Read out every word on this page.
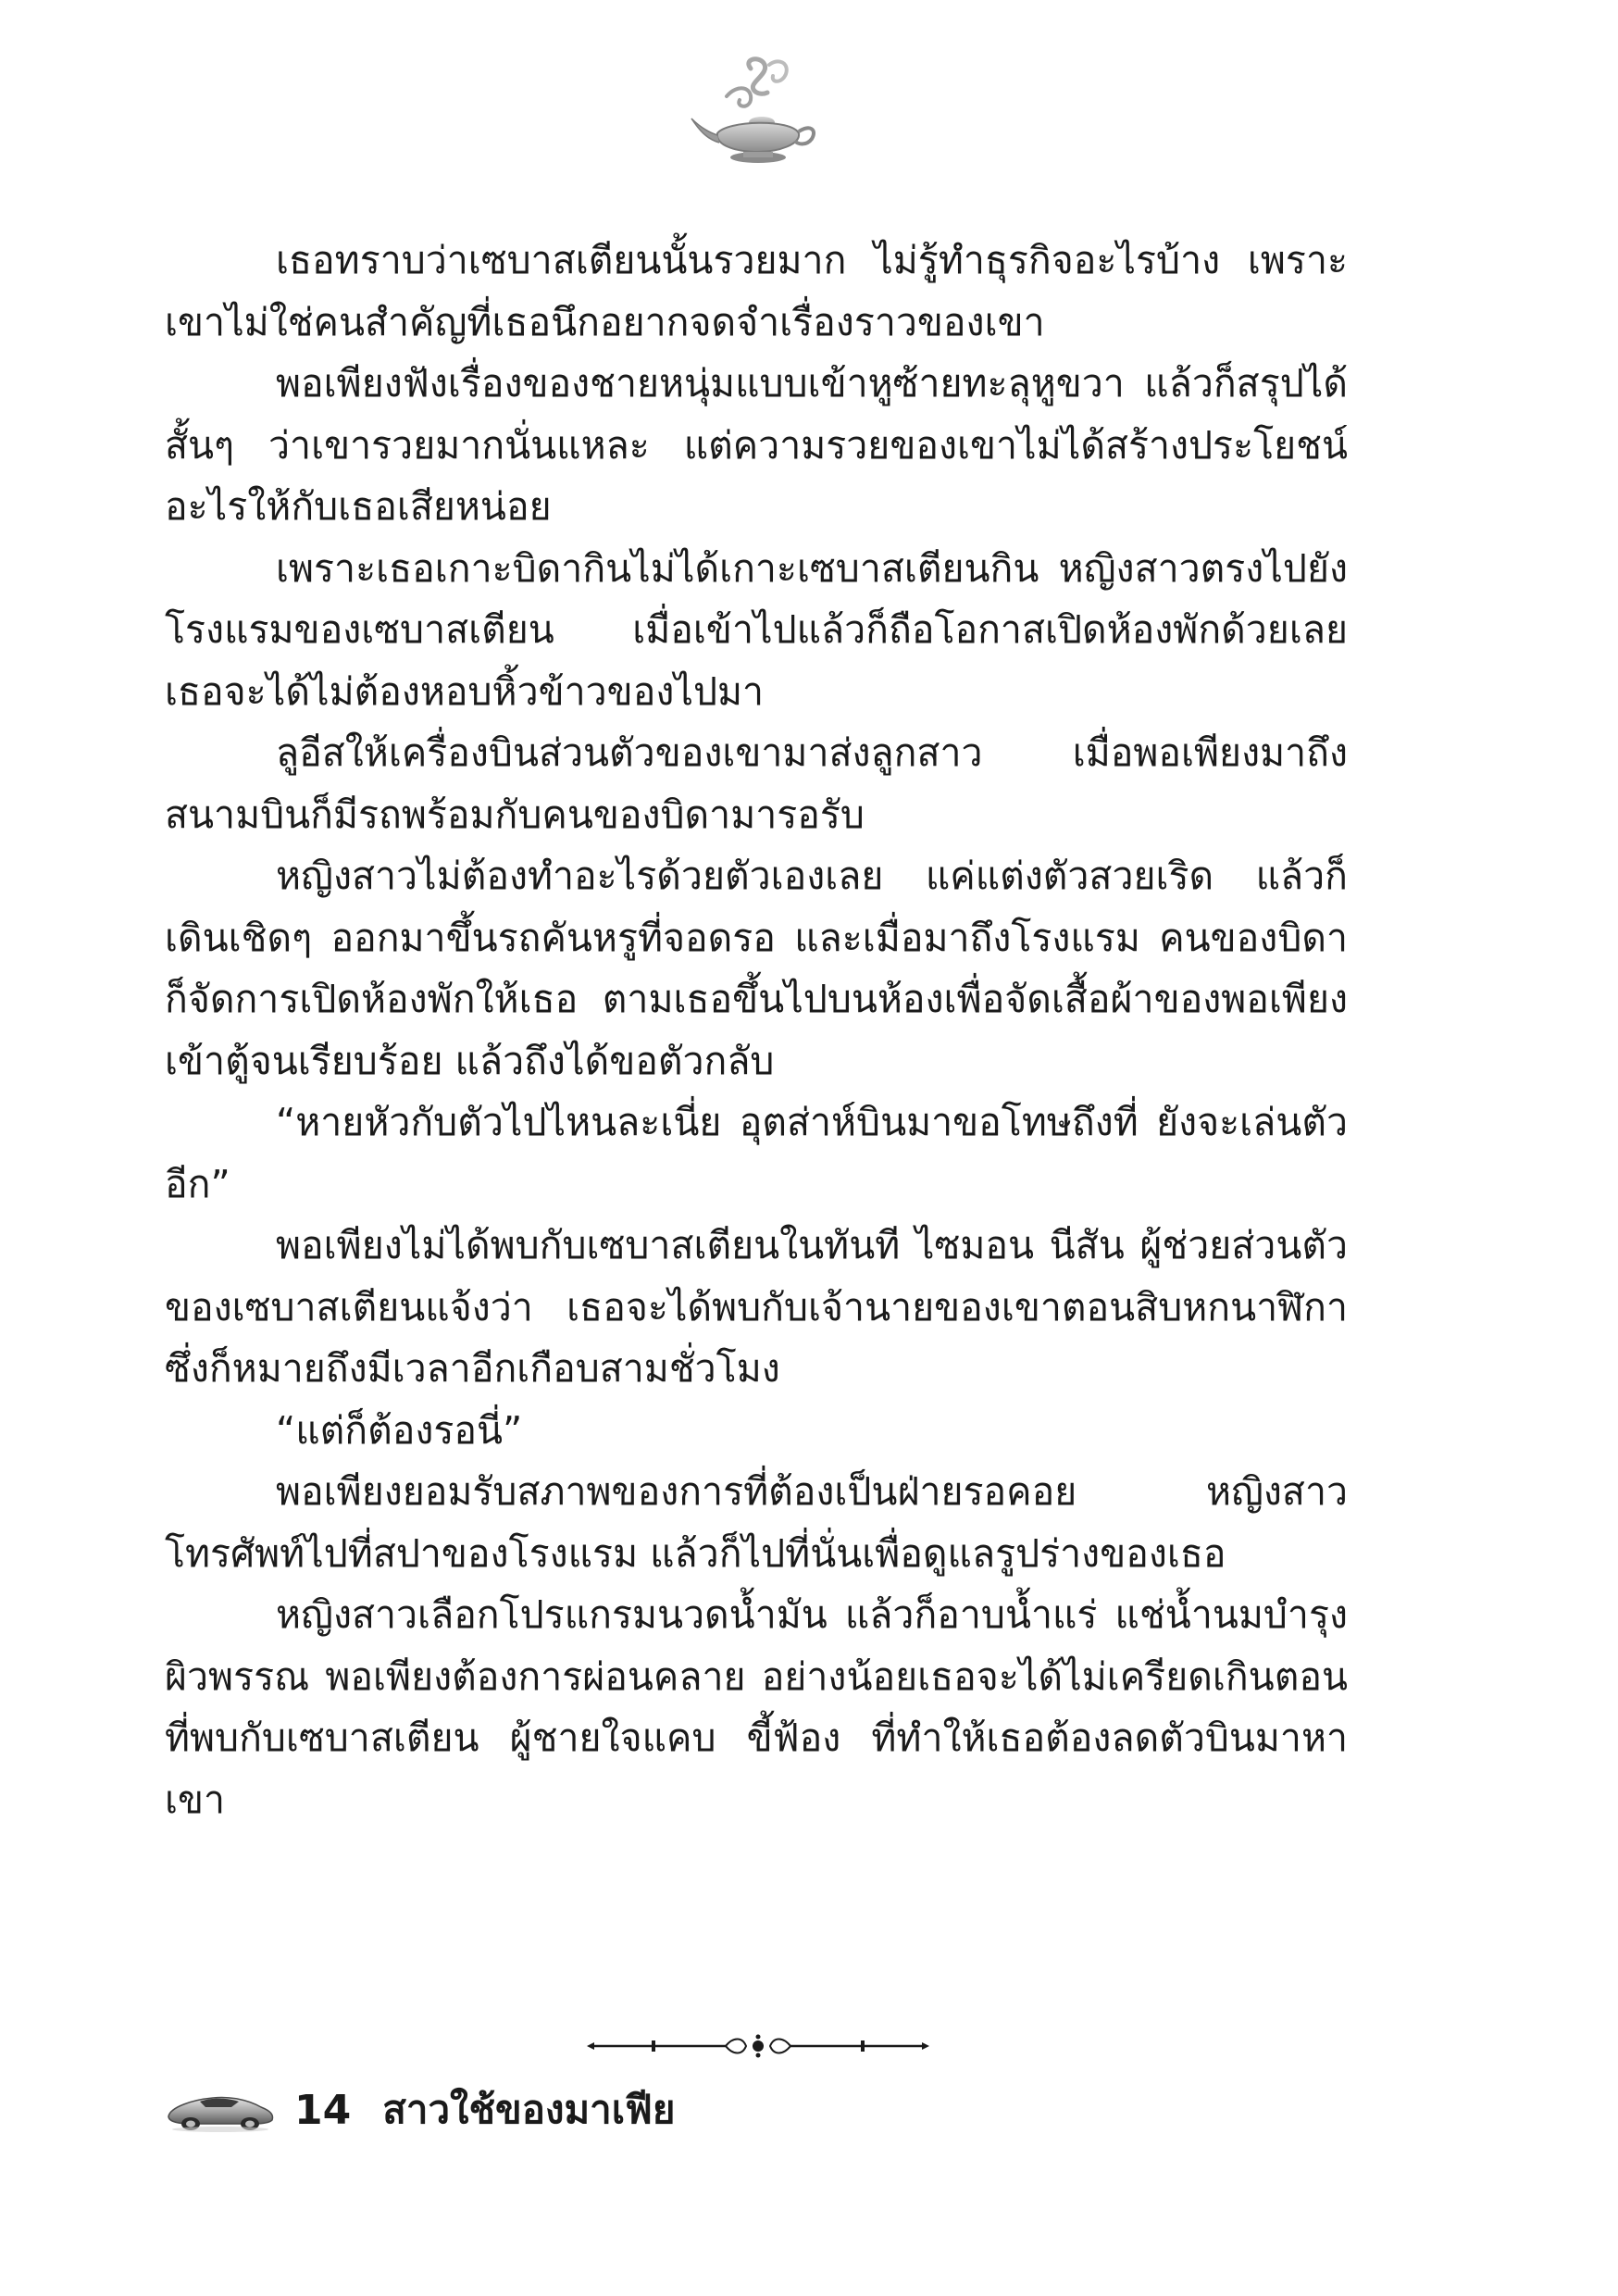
เธอทราบว่าเซบาสเตียนนั้นรวยมาก ไม่รู้ทำธุรกิจอะไรบ้าง เพราะเขาไม่ใช่คนสำคัญที่เธอนึกอยากจดจำเรื่องราวของเขา

พอเพียงฟังเรื่องของชายหนุ่มแบบเข้าหูซ้ายทะลุหูขวา แล้วก็สรุปได้สั้นๆ ว่าเขารวยมากนั่นแหละ แต่ความรวยของเขาไม่ได้สร้างประโยชน์อะไรให้กับเธอเสียหน่อย

เพราะเธอเกาะบิดากินไม่ได้เกาะเซบาสเตียนกิน หญิงสาวตรงไปยังโรงแรมของเซบาสเตียน เมื่อเข้าไปแล้วก็ถือโอกาสเปิดห้องพักด้วยเลย เธอจะได้ไม่ต้องหอบหิ้วข้าวของไปมา

ลูอีสให้เครื่องบินส่วนตัวของเขามาส่งลูกสาว เมื่อพอเพียงมาถึงสนามบินก็มีรถพร้อมกับคนของบิดามารอรับ

หญิงสาวไม่ต้องทำอะไรด้วยตัวเองเลย แค่แต่งตัวสวยเริด แล้วก็เดินเชิดๆ ออกมาขึ้นรถคันหรูที่จอดรอ และเมื่อมาถึงโรงแรม คนของบิดาก็จัดการเปิดห้องพักให้เธอ ตามเธอขึ้นไปบนห้องเพื่อจัดเสื้อผ้าของพอเพียงเข้าตู้จนเรียบร้อย แล้วถึงได้ขอตัวกลับ

“หายหัวกับตัวไปไหนละเนี่ย อุตส่าห์บินมาขอโทษถึงที่ ยังจะเล่นตัวอีก”

พอเพียงไม่ได้พบกับเซบาสเตียนในทันที ไซมอน นีสัน ผู้ช่วยส่วนตัวของเซบาสเตียนแจ้งว่า เธอจะได้พบกับเจ้านายของเขาตอนสิบหกนาฬิกา ซึ่งก็หมายถึงมีเวลาอีกเกือบสามชั่วโมง

“แต่ก็ต้องรอนี่”

พอเพียงยอมรับสภาพของการที่ต้องเป็นฝ่ายรอคอย หญิงสาวโทรศัพท์ไปที่สปาของโรงแรม แล้วก็ไปที่นั่นเพื่อดูแลรูปร่างของเธอ

หญิงสาวเลือกโปรแกรมนวดน้ำมัน แล้วก็อาบน้ำแร่ แช่น้ำนมบำรุงผิวพรรณ พอเพียงต้องการผ่อนคลาย อย่างน้อยเธอจะได้ไม่เครียดเกินตอนที่พบกับเซบาสเตียน ผู้ชายใจแคบ ขี้ฟ้อง ที่ทำให้เธอต้องลดตัวบินมาหาเขา

14 สาวใช้ของมาเฟีย
